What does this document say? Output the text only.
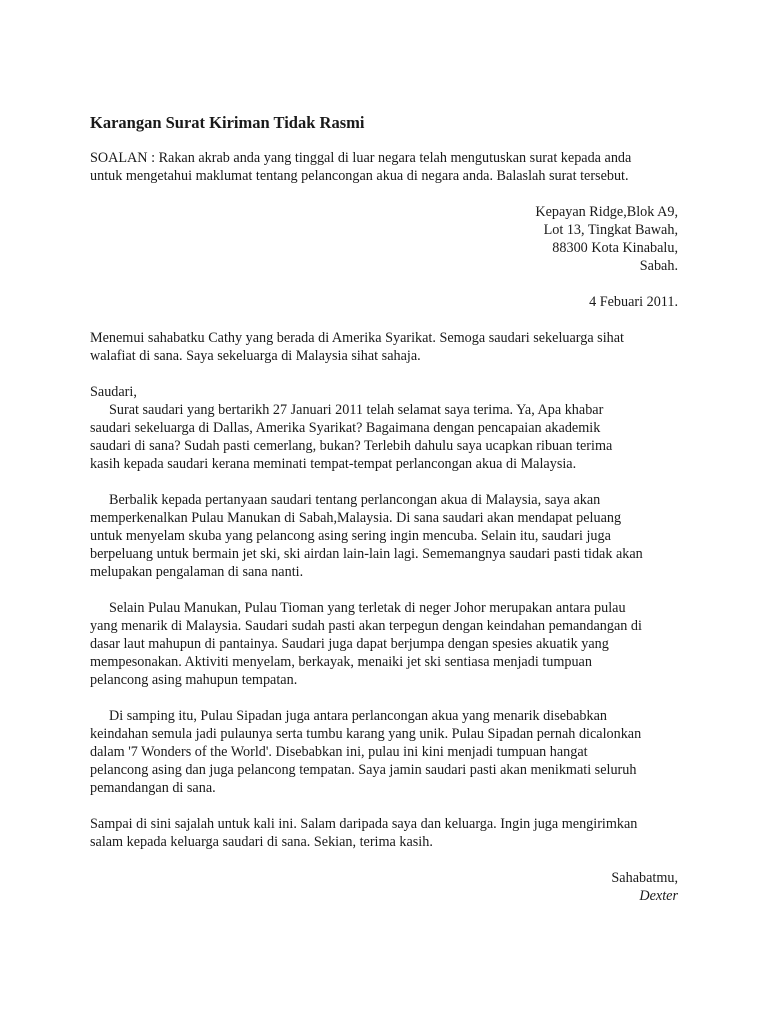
Karangan Surat Kiriman Tidak Rasmi

SOALAN : Rakan akrab anda yang tinggal di luar negara telah mengutuskan surat kepada anda

untuk mengetahui maklumat tentang pelancongan akua di negara anda. Balaslah surat tersebut.

Kepayan Ridge,Blok A9,

Lot 13, Tingkat Bawah,

88300 Kota Kinabalu,

Sabah.

4 Febuari 2011.

Menemui sahabatku Cathy yang berada di Amerika Syarikat. Semoga saudari sekeluarga sihat

walafiat di sana. Saya sekeluarga di Malaysia sihat sahaja.

Saudari,

Surat saudari yang bertarikh 27 Januari 2011 telah selamat saya terima. Ya, Apa khabar

saudari sekeluarga di Dallas, Amerika Syarikat? Bagaimana dengan pencapaian akademik

saudari di sana? Sudah pasti cemerlang, bukan? Terlebih dahulu saya ucapkan ribuan terima

kasih kepada saudari kerana meminati tempat-tempat perlancongan akua di Malaysia.

Berbalik kepada pertanyaan saudari tentang perlancongan akua di Malaysia, saya akan

memperkenalkan Pulau Manukan di Sabah,Malaysia. Di sana saudari akan mendapat peluang

untuk menyelam skuba yang pelancong asing sering ingin mencuba. Selain itu, saudari juga

berpeluang untuk bermain jet ski, ski airdan lain-lain lagi. Sememangnya saudari pasti tidak akan

melupakan pengalaman di sana nanti.

Selain Pulau Manukan, Pulau Tioman yang terletak di neger Johor merupakan antara pulau

yang menarik di Malaysia. Saudari sudah pasti akan terpegun dengan keindahan pemandangan di

dasar laut mahupun di pantainya. Saudari juga dapat berjumpa dengan spesies akuatik yang

mempesonakan. Aktiviti menyelam, berkayak, menaiki jet ski sentiasa menjadi tumpuan

pelancong asing mahupun tempatan.

Di samping itu, Pulau Sipadan juga antara perlancongan akua yang menarik disebabkan

keindahan semula jadi pulaunya serta tumbu karang yang unik. Pulau Sipadan pernah dicalonkan

dalam '7 Wonders of the World'. Disebabkan ini, pulau ini kini menjadi tumpuan hangat

pelancong asing dan juga pelancong tempatan. Saya jamin saudari pasti akan menikmati seluruh

pemandangan di sana.

Sampai di sini sajalah untuk kali ini. Salam daripada saya dan keluarga. Ingin juga mengirimkan

salam kepada keluarga saudari di sana. Sekian, terima kasih.

Sahabatmu,

Dexter
